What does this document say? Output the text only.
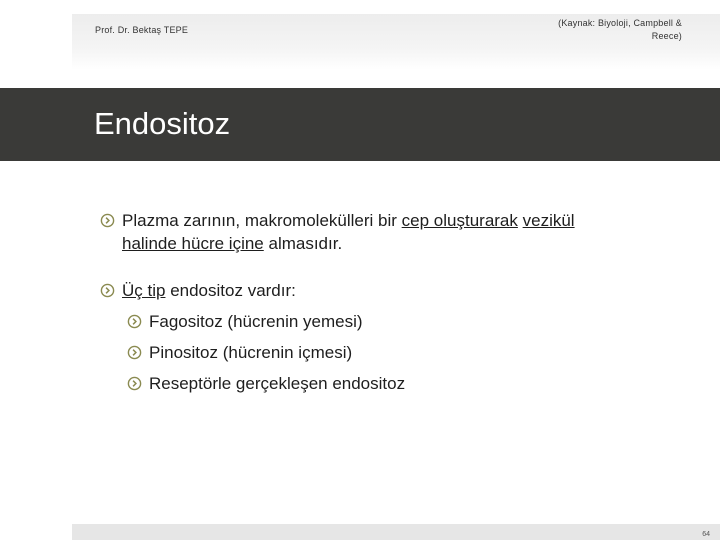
Prof. Dr. Bektaş TEPE
(Kaynak: Biyoloji, Campbell &
Reece)
Endositoz
Plazma zarının, makromolekülleri bir cep oluşturarak vezikül
halinde hücre içine almasıdır.
Üç tip endositoz vardır:
Fagositoz (hücrenin yemesi)
Pinositoz (hücrenin içmesi)
Reseptörle gerçekleşen endositoz
64
